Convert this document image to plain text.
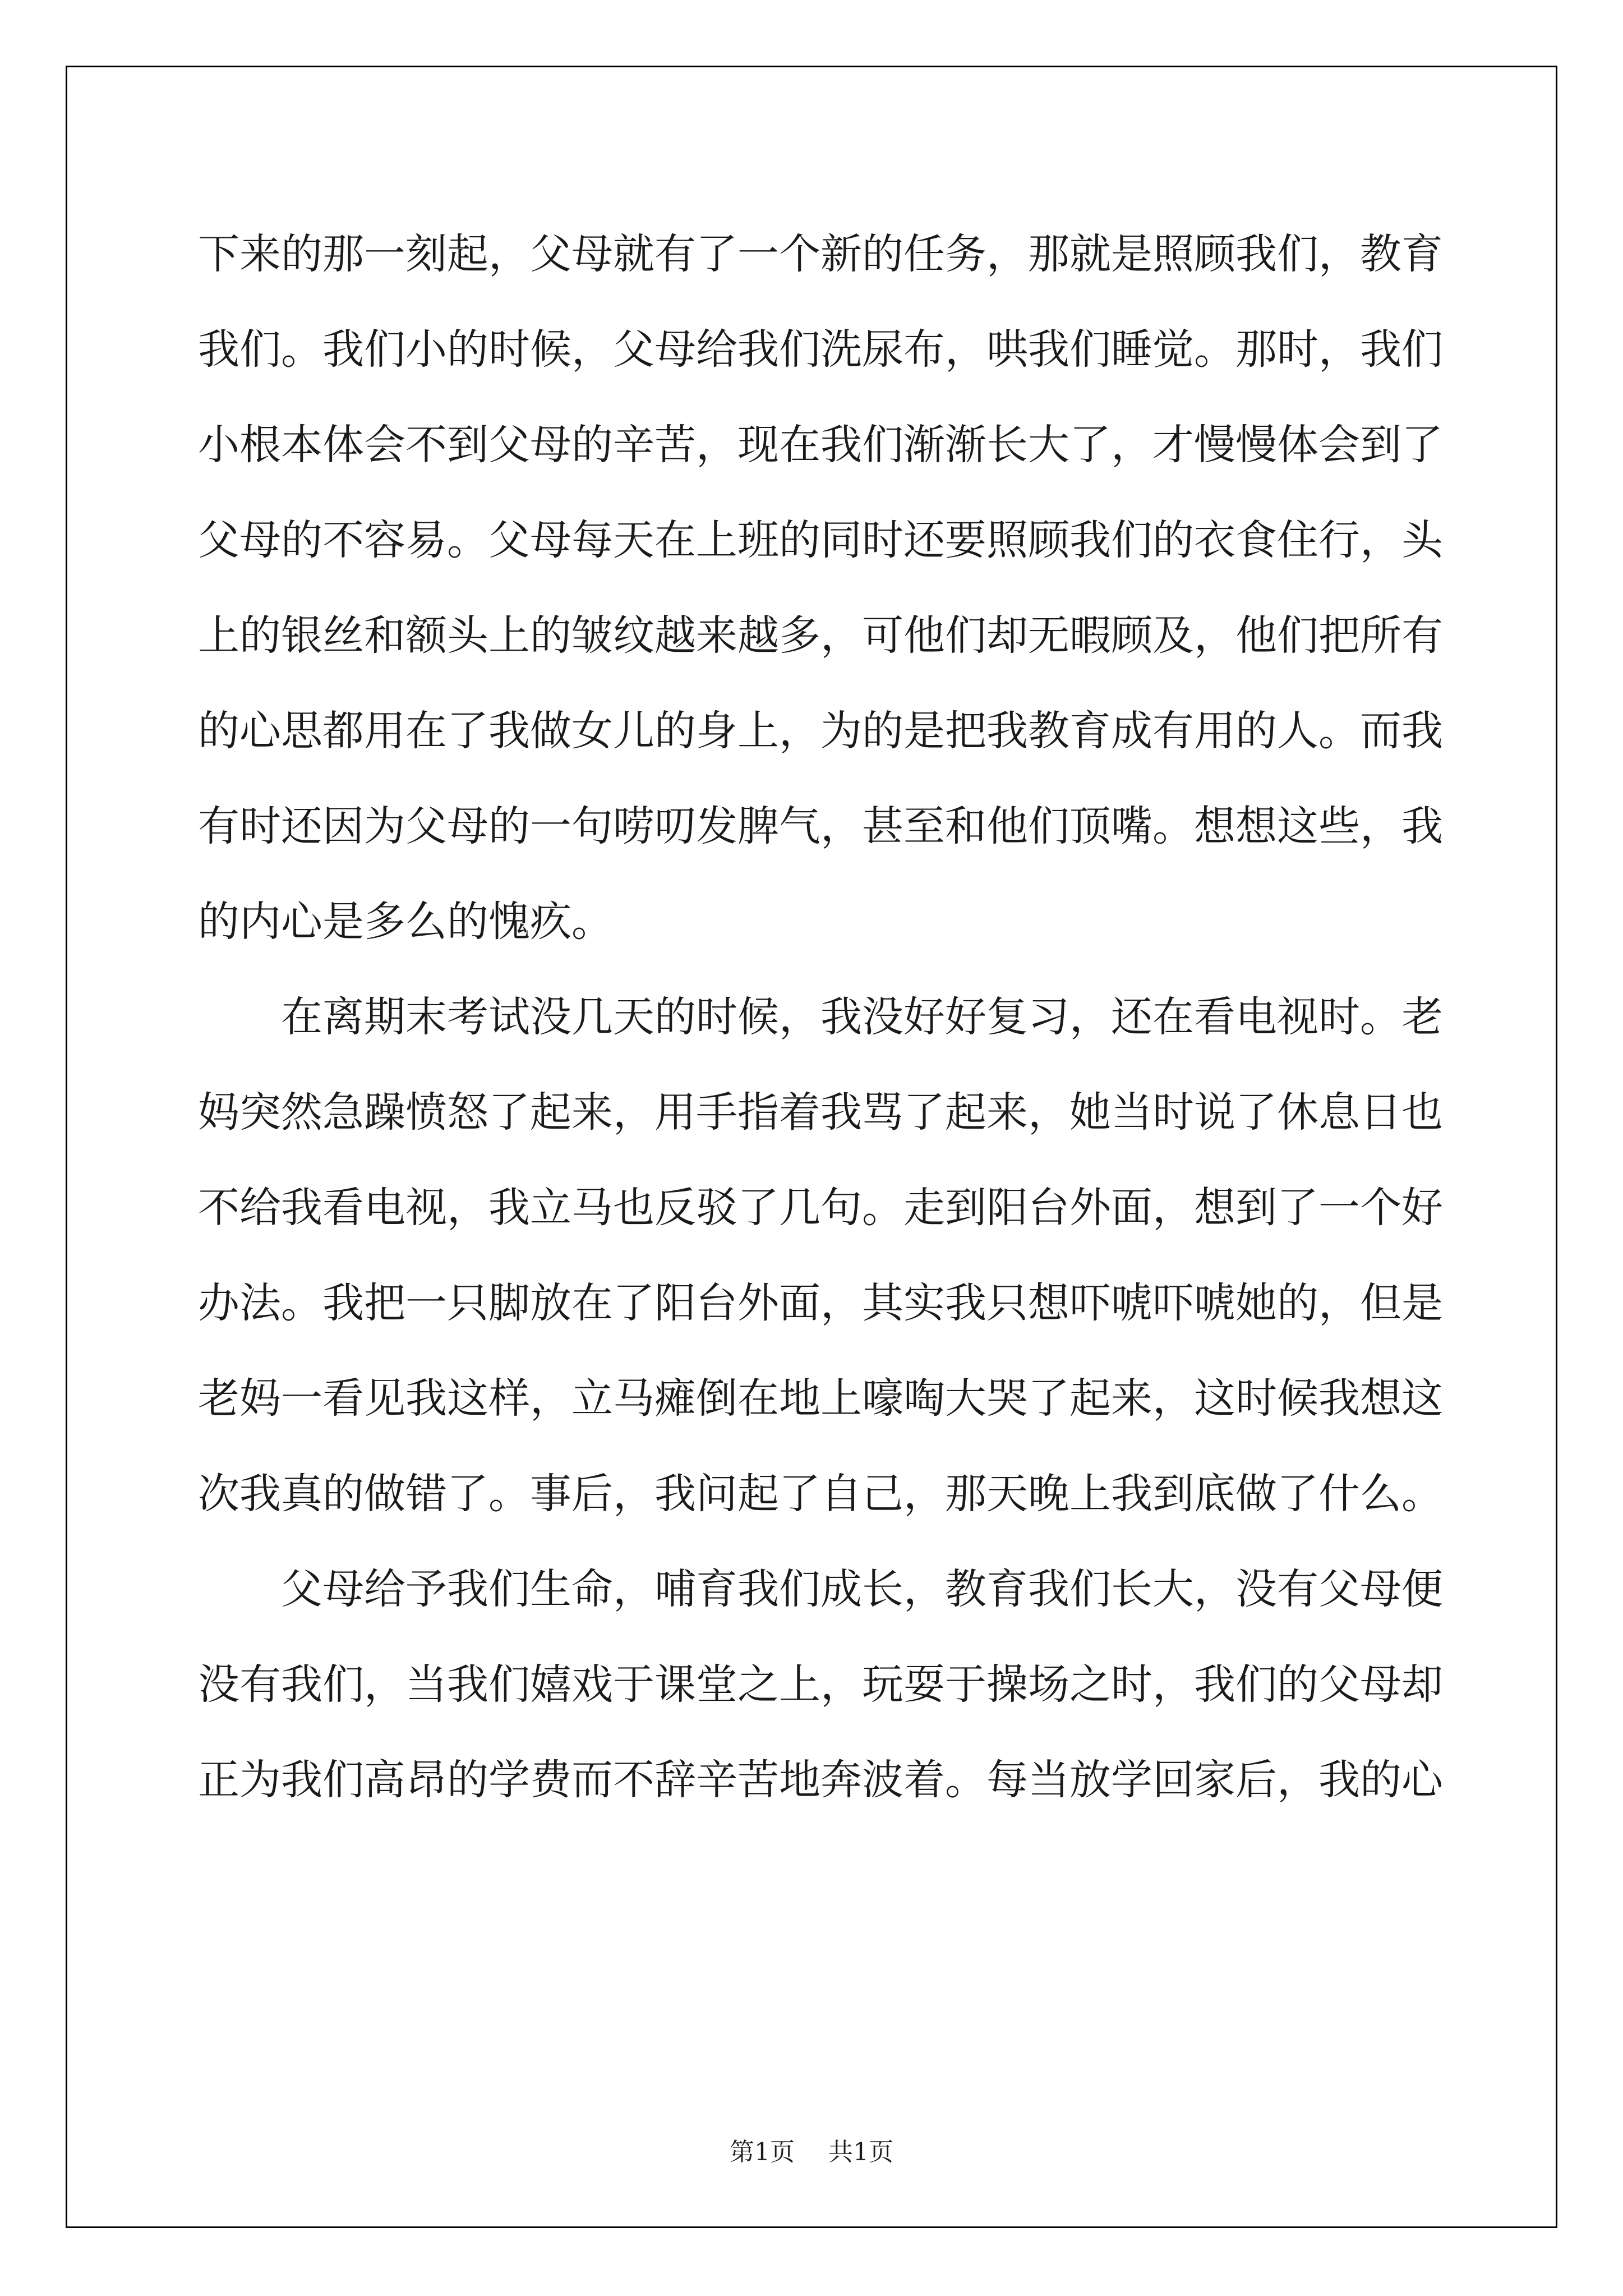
下来的那一刻起，父母就有了一个新的任务，那就是照顾我们，教育我们。我们小的时候，父母给我们洗尿布，哄我们睡觉。那时，我们小根本体会不到父母的辛苦，现在我们渐渐长大了，才慢慢体会到了父母的不容易。父母每天在上班的同时还要照顾我们的衣食住行，头上的银丝和额头上的皱纹越来越多，可他们却无暇顾及，他们把所有的心思都用在了我做女儿的身上，为的是把我教育成有用的人。而我有时还因为父母的一句唠叨发脾气，甚至和他们顶嘴。想想这些，我的内心是多么的愧疚。

在离期末考试没几天的时候，我没好好复习，还在看电视时。老妈突然急躁愤怒了起来，用手指着我骂了起来，她当时说了休息日也不给我看电视，我立马也反驳了几句。走到阳台外面，想到了一个好办法。我把一只脚放在了阳台外面，其实我只想吓唬吓唬她的，但是老妈一看见我这样，立马瘫倒在地上嚎啕大哭了起来，这时候我想这次我真的做错了。事后，我问起了自己，那天晚上我到底做了什么。

父母给予我们生命，哺育我们成长，教育我们长大，没有父母便没有我们，当我们嬉戏于课堂之上，玩耍于操场之时，我们的父母却正为我们高昂的学费而不辞辛苦地奔波着。每当放学回家后，我的心

第1页 共1页
